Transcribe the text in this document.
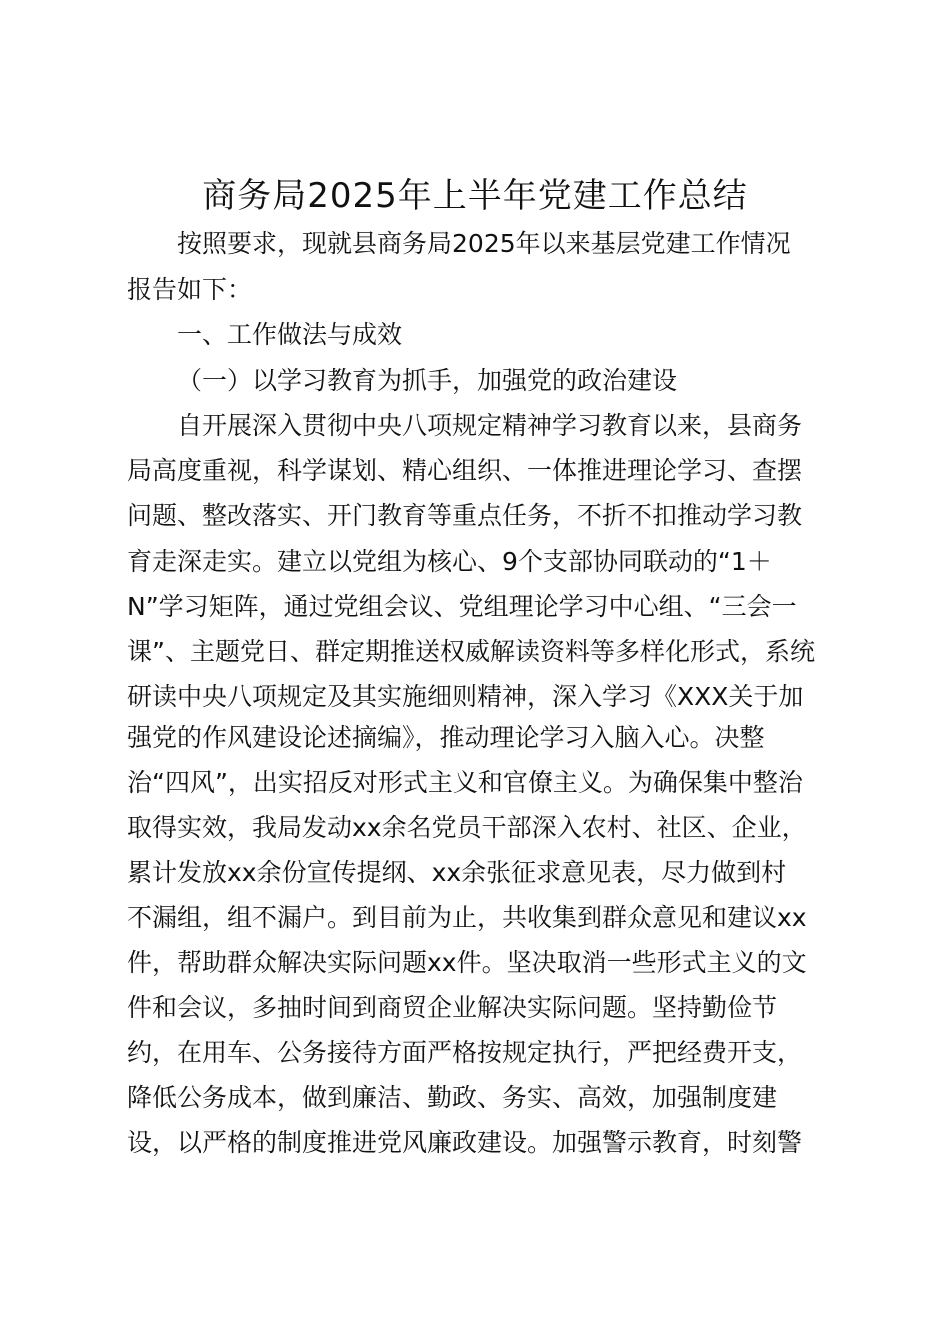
商务局2025年上半年党建工作总结

按照要求，现就县商务局2025年以来基层党建工作情况

报告如下：

一、工作做法与成效

（一）以学习教育为抓手，加强党的政治建设

自开展深入贯彻中央八项规定精神学习教育以来，县商务

局高度重视，科学谋划、精心组织、一体推进理论学习、查摆

问题、整改落实、开门教育等重点任务，不折不扣推动学习教

育走深走实。建立以党组为核心、9个支部协同联动的“1＋

N”学习矩阵，通过党组会议、党组理论学习中心组、“三会一

课”、主题党日、群定期推送权威解读资料等多样化形式，系统

研读中央八项规定及其实施细则精神，深入学习《XXX关于加

强党的作风建设论述摘编》，推动理论学习入脑入心。决整

治“四风”，出实招反对形式主义和官僚主义。为确保集中整治

取得实效，我局发动xx余名党员干部深入农村、社区、企业，

累计发放xx余份宣传提纲、xx余张征求意见表，尽力做到村

不漏组，组不漏户。到目前为止，共收集到群众意见和建议xx

件，帮助群众解决实际问题xx件。坚决取消一些形式主义的文

件和会议，多抽时间到商贸企业解决实际问题。坚持勤俭节

约，在用车、公务接待方面严格按规定执行，严把经费开支，

降低公务成本，做到廉洁、勤政、务实、高效，加强制度建

设，以严格的制度推进党风廉政建设。加强警示教育，时刻警
